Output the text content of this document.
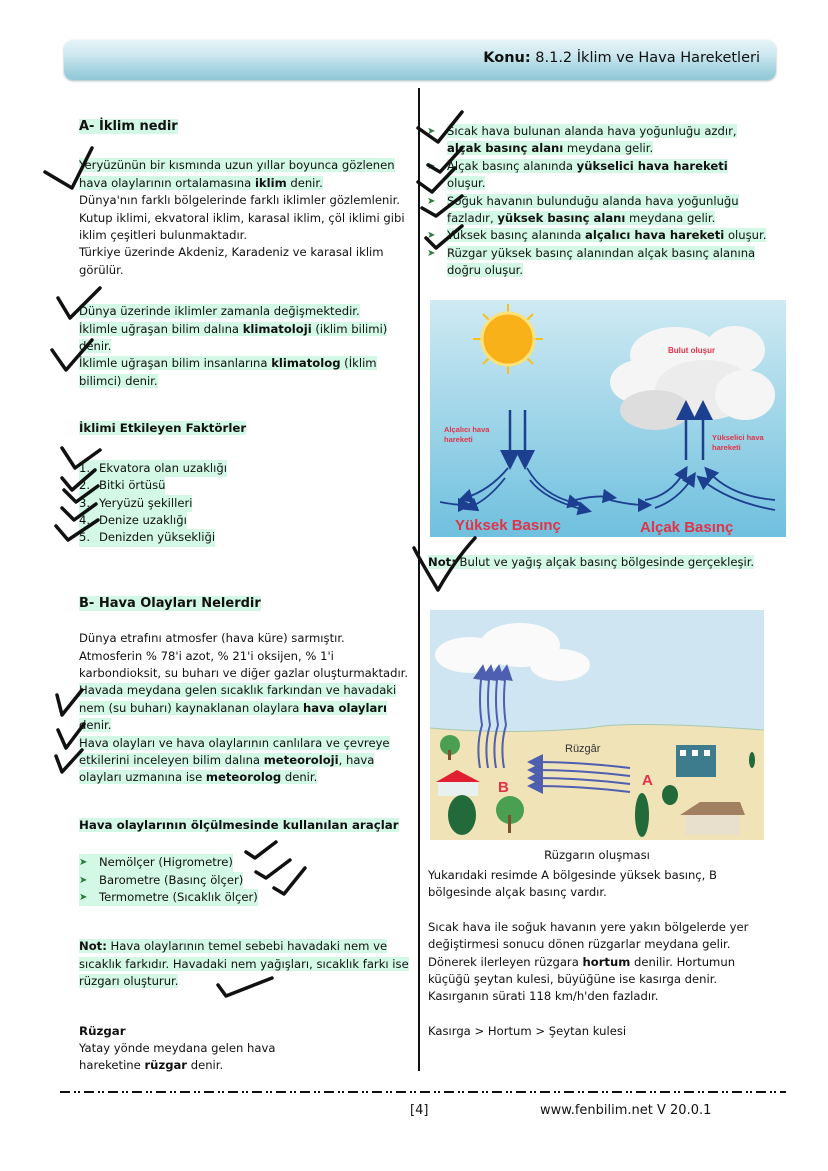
Konu: 8.1.2 İklim ve Hava Hareketleri
A- İklim nedir

Yeryüzünün bir kısmında uzun yıllar boyunca gözlenen hava olaylarının ortalamasına iklim denir.

Dünya'nın farklı bölgelerinde farklı iklimler gözlemlenir.

Kutup iklimi, ekvatoral iklim, karasal iklim, çöl iklimi gibi iklim çeşitleri bulunmaktadır.

Türkiye üzerinde Akdeniz, Karadeniz ve karasal iklim görülür.

Dünya üzerinde iklimler zamanla değişmektedir.

İklimle uğraşan bilim dalına klimatoloji (iklim bilimi) denir.

İklimle uğraşan bilim insanlarına klimatolog (İklim bilimci) denir.

İklimi Etkileyen Faktörler
1. Ekvatora olan uzaklığı
2. Bitki örtüsü
3. Yeryüzü şekilleri
4. Denize uzaklığı
5. Denizden yüksekliği
B- Hava Olayları Nelerdir

Dünya etrafını atmosfer (hava küre) sarmıştır.

Atmosferin % 78'i azot, % 21'i oksijen, % 1'i karbondioksit, su buharı ve diğer gazlar oluşturmaktadır.

Havada meydana gelen sıcaklık farkından ve havadaki nem (su buharı) kaynaklanan olaylara hava olayları denir.

Hava olayları ve hava olaylarının canlılara ve çevreye etkilerini inceleyen bilim dalına meteoroloji, hava olayları uzmanına ise meteorolog denir.

Hava olaylarının ölçülmesinde kullanılan araçlar
➤	Nemölçer (Higrometre)
➤	Barometre (Basınç ölçer)
➤	Termometre (Sıcaklık ölçer)

Not: Hava olaylarının temel sebebi havadaki nem ve sıcaklık farkıdır. Havadaki nem yağışları, sıcaklık farkı ise rüzgarı oluşturur.

Rüzgar

Yatay yönde meydana gelen hava hareketine rüzgar denir.

➤	Sıcak hava bulunan alanda hava yoğunluğu azdır, alçak basınç alanı meydana gelir.
➤	Alçak basınç alanında yükselici hava hareketi oluşur.
➤	Soğuk havanın bulunduğu alanda hava yoğunluğu fazladır, yüksek basınç alanı meydana gelir.
➤	Yüksek basınç alanında alçalıcı hava hareketi oluşur.
➤	Rüzgar yüksek basınç alanından alçak basınç alanına doğru oluşur.
Bulut oluşur
Alçalıcı hava
hareketi	Yükselici hava
hareketi
Yüksek Basınç	Alçak Basınç
Not: Bulut ve yağış alçak basınç bölgesinde gerçekleşir.
Rüzgâr
A
B
Rüzgarın oluşması

Yukarıdaki resimde A bölgesinde yüksek basınç, B bölgesinde alçak basınç vardır.

Sıcak hava ile soğuk havanın yere yakın bölgelerde yer değiştirmesi sonucu dönen rüzgarlar meydana gelir. Dönerek ilerleyen rüzgara hortum denilir. Hortumun küçüğü şeytan kulesi, büyüğüne ise kasırga denir. Kasırganın sürati 118 km/h'den fazladır.

Kasırga > Hortum > Şeytan kulesi

[4]	www.fenbilim.net V 20.0.1
